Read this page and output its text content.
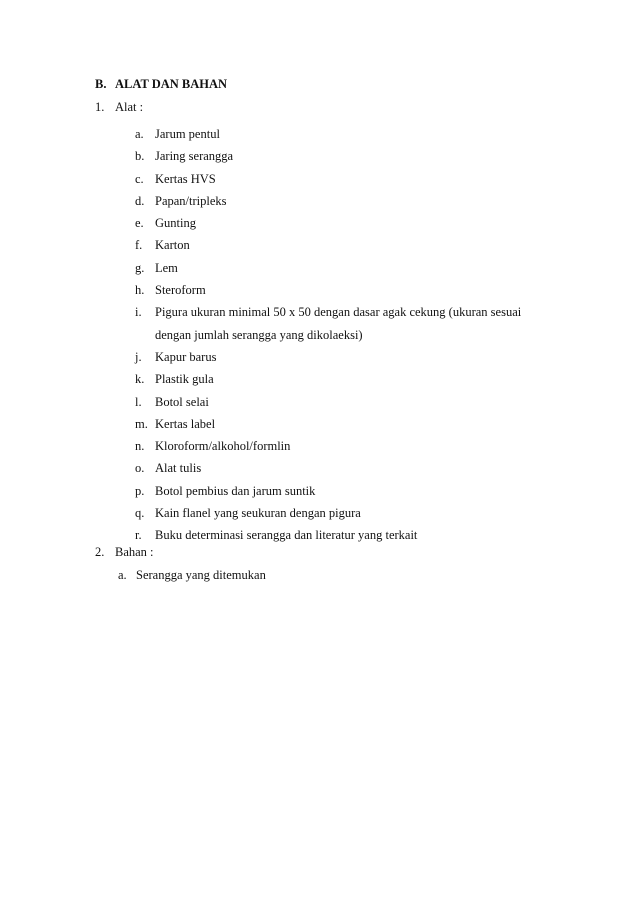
B. ALAT DAN BAHAN
1. Alat :
a. Jarum pentul
b. Jaring serangga
c. Kertas HVS
d. Papan/tripleks
e. Gunting
f.	Karton
g. Lem
h. Steroform
i.	Pigura ukuran minimal 50 x 50 dengan dasar agak cekung (ukuran sesuai dengan jumlah serangga yang dikolaeksi)
j.	Kapur barus
k. Plastik gula
l.	Botol selai
m. Kertas label
n. Kloroform/alkohol/formlin
o. Alat tulis
p. Botol pembius dan jarum suntik
q. Kain flanel yang seukuran dengan pigura
r.	Buku determinasi serangga dan literatur yang terkait
2. Bahan :
a. Serangga yang ditemukan
